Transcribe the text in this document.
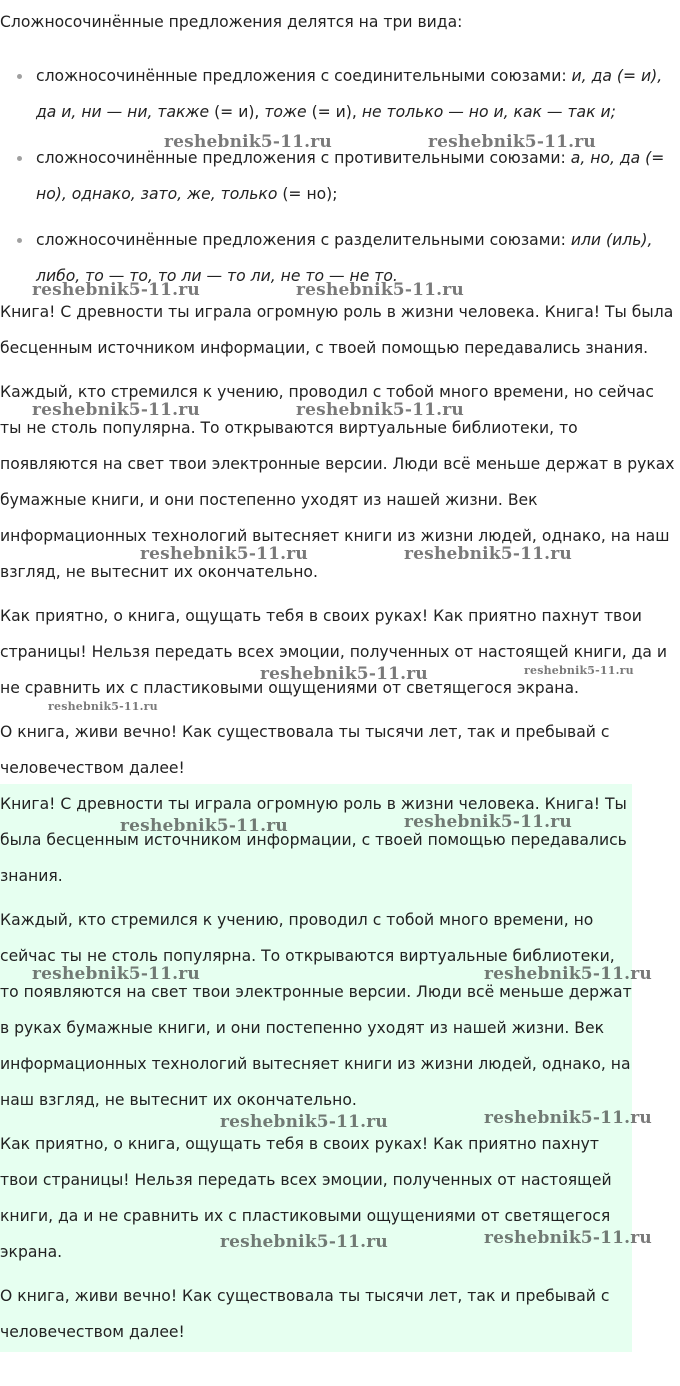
Сложносочинённые предложения делятся на три вида:
сложносочинённые предложения с соединительными союзами: и, да (= и), да и, ни — ни, также (= и), тоже (= и), не только — но и, как — так и;
сложносочинённые предложения с противительными союзами: а, но, да (= но), однако, зато, же, только (= но);
сложносочинённые предложения с разделительными союзами: или (иль), либо, то — то, то ли — то ли, не то — не то.

Книга! С древности ты играла огромную роль в жизни человека. Книга! Ты была бесценным источником информации, с твоей помощью передавались знания.

Каждый, кто стремился к учению, проводил с тобой много времени, но сейчас ты не столь популярна. То открываются виртуальные библиотеки, то появляются на свет твои электронные версии. Люди всё меньше держат в руках бумажные книги, и они постепенно уходят из нашей жизни. Век информационных технологий вытесняет книги из жизни людей, однако, на наш взгляд, не вытеснит их окончательно.

Как приятно, о книга, ощущать тебя в своих руках! Как приятно пахнут твои страницы! Нельзя передать всех эмоции, полученных от настоящей книги, да и не сравнить их с пластиковыми ощущениями от светящегося экрана.

О книга, живи вечно! Как существовала ты тысячи лет, так и пребывай с человечеством далее!

Книга! С древности ты играла огромную роль в жизни человека. Книга! Ты была бесценным источником информации, с твоей помощью передавались знания.

Каждый, кто стремился к учению, проводил с тобой много времени, но сейчас ты не столь популярна. То открываются виртуальные библиотеки, то появляются на свет твои электронные версии. Люди всё меньше держат в руках бумажные книги, и они постепенно уходят из нашей жизни. Век информационных технологий вытесняет книги из жизни людей, однако, на наш взгляд, не вытеснит их окончательно.

Как приятно, о книга, ощущать тебя в своих руках! Как приятно пахнут твои страницы! Нельзя передать всех эмоции, полученных от настоящей книги, да и не сравнить их с пластиковыми ощущениями от светящегося экрана.

О книга, живи вечно! Как существовала ты тысячи лет, так и пребывай с человечеством далее!

reshebnik5-11.ru	reshebnik5-11.ru
reshebnik5-11.ru	reshebnik5-11.ru
reshebnik5-11.ru	reshebnik5-11.ru
reshebnik5-11.ru	reshebnik5-11.ru
reshebnik5-11.ru	reshebnik5-11.ru
reshebnik5-11.ru
reshebnik5-11.ru
reshebnik5-11.ru
reshebnik5-11.ru	reshebnik5-11.ru
reshebnik5-11.ru
reshebnik5-11.ru
reshebnik5-11.ru
reshebnik5-11.ru
